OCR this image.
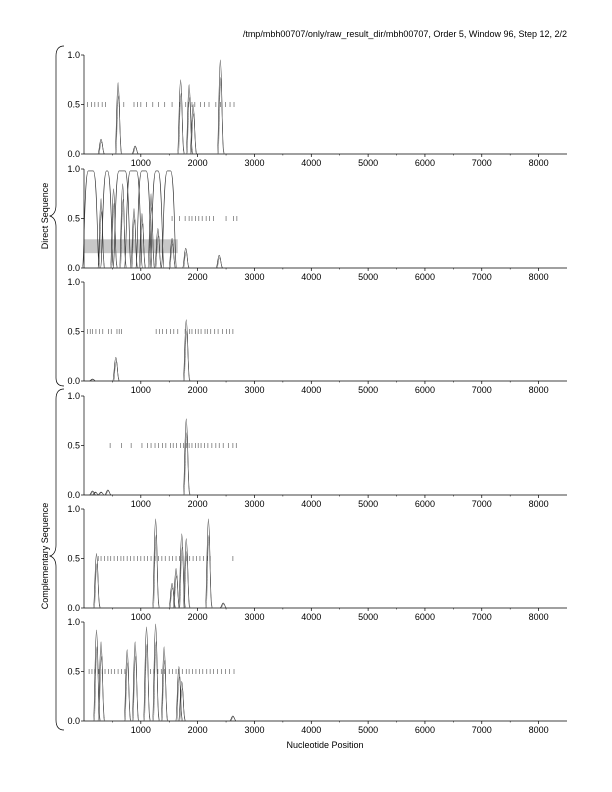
/tmp/mbh00707/only/raw_result_dir/mbh00707, Order 5, Window 96, Step 12, 2/2
Direct Sequence
Complementary Sequence
0.0
0.5
1.0
1000	2000	3000	4000	5000	6000	7000	8000
0.0
0.5
1.0
1000	2000	3000	4000	5000	6000	7000	8000
0.0
0.5
1.0
1000	2000	3000	4000	5000	6000	7000	8000
0.0
0.5
1.0
1000	2000	3000	4000	5000	6000	7000	8000
0.0
0.5
1.0
1000	2000	3000	4000	5000	6000	7000	8000
0.0
0.5
1.0
1000	2000	3000	4000	5000	6000	7000	8000
Nucleotide Position
